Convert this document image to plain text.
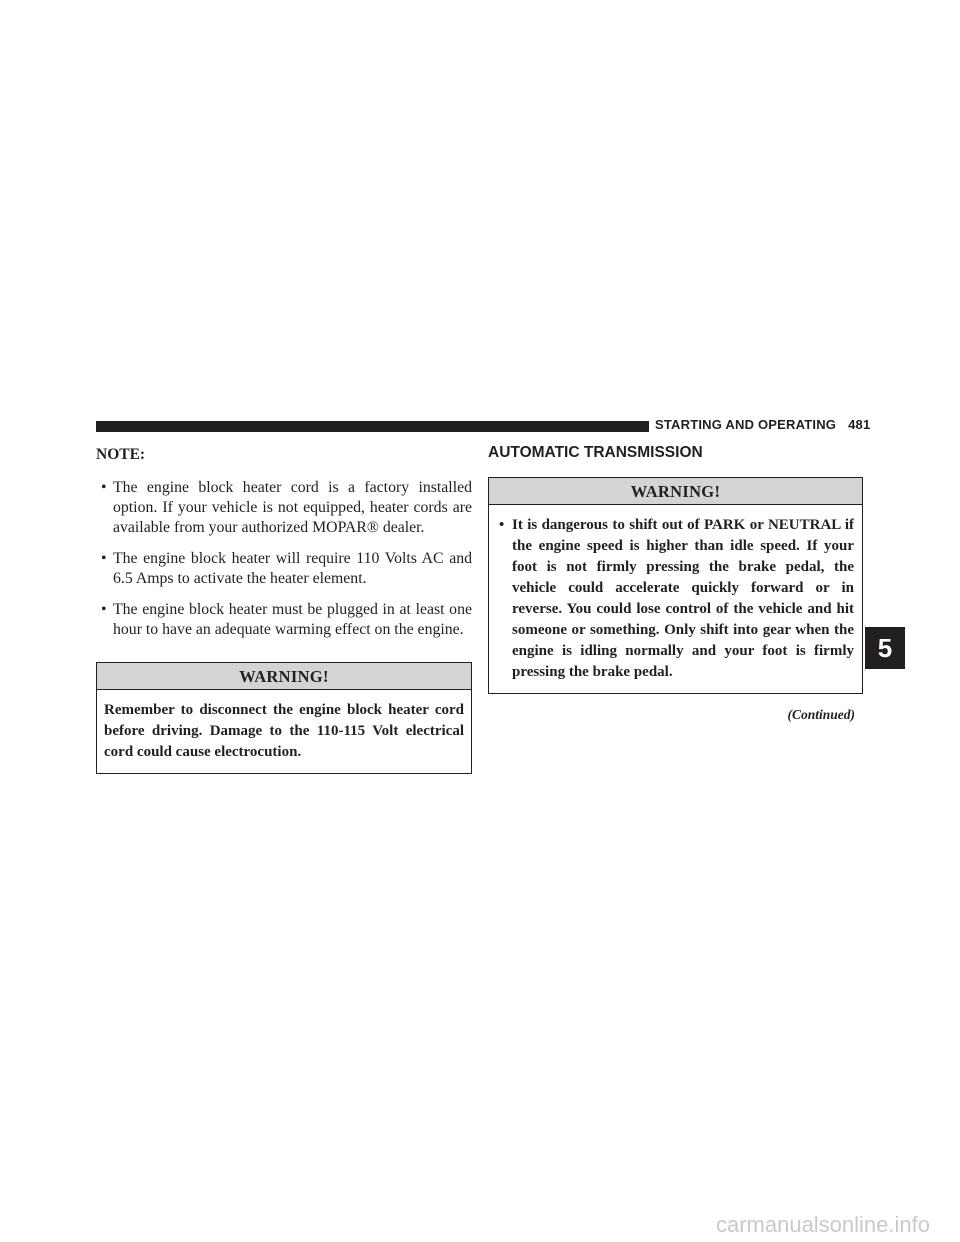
STARTING AND OPERATING 481
NOTE:
• The engine block heater cord is a factory installed option. If your vehicle is not equipped, heater cords are available from your authorized MOPAR® dealer.
• The engine block heater will require 110 Volts AC and 6.5 Amps to activate the heater element.
• The engine block heater must be plugged in at least one hour to have an adequate warming effect on the engine.
WARNING!
Remember to disconnect the engine block heater cord before driving. Damage to the 110-115 Volt electrical cord could cause electrocution.
AUTOMATIC TRANSMISSION
WARNING!
• It is dangerous to shift out of PARK or NEUTRAL if the engine speed is higher than idle speed. If your foot is not firmly pressing the brake pedal, the vehicle could accelerate quickly forward or in reverse. You could lose control of the vehicle and hit someone or something. Only shift into gear when the engine is idling normally and your foot is firmly pressing the brake pedal.
(Continued)
5
carmanualsonline.info
